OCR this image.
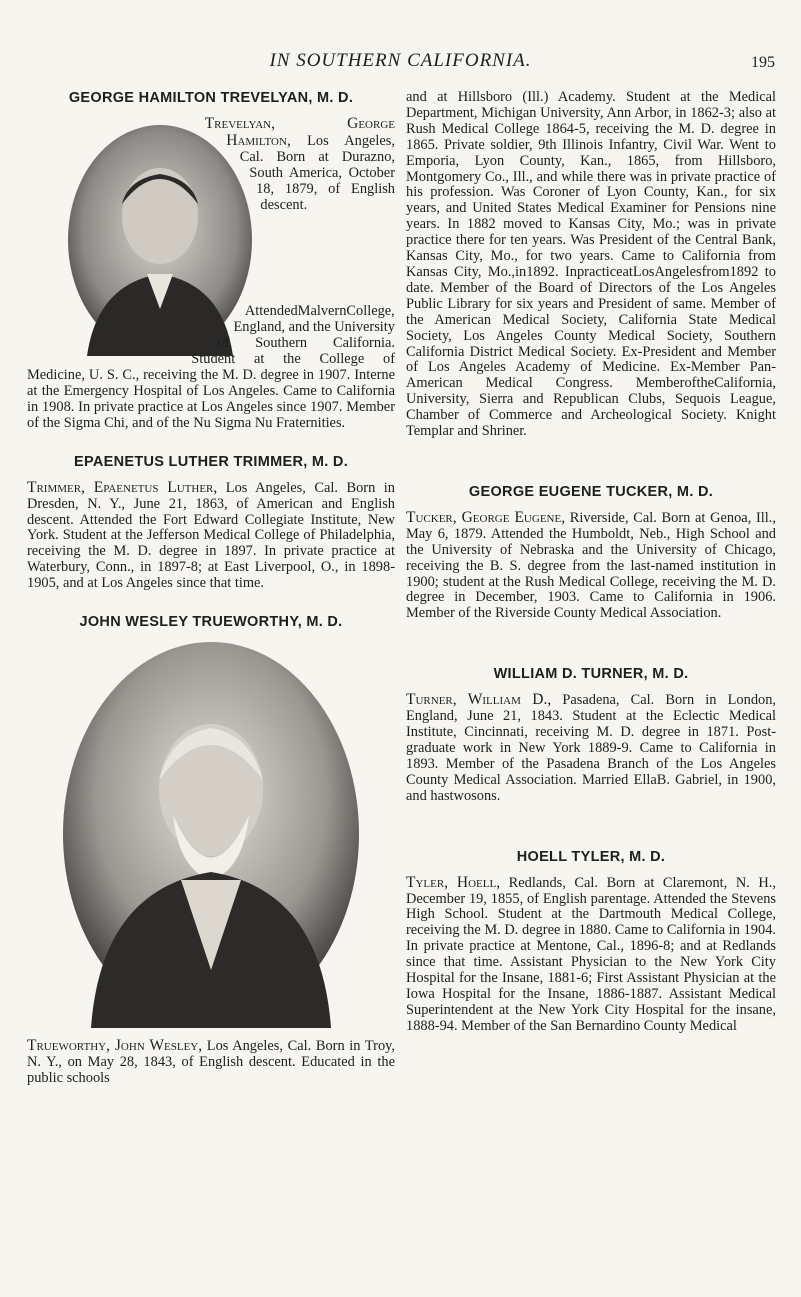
IN SOUTHERN CALIFORNIA.	195
GEORGE HAMILTON TREVELYAN, M. D.

Trevelyan, George Hamilton, Los Angeles, Cal. Born at Durazno, South America, October 18, 1879, of English descent. AttendedMalvernCollege, England, and the University of Southern California. Student at the College of Medicine, U. S. C., receiving the M. D. degree in 1907. Interne at the Emergency Hospital of Los Angeles. Came to California in 1908. In private practice at Los Angeles since 1907. Member of the Sigma Chi, and of the Nu Sigma Nu Fraternities.

EPAENETUS LUTHER TRIMMER, M. D.

Trimmer, Epaenetus Luther, Los Angeles, Cal. Born in Dresden, N. Y., June 21, 1863, of American and English descent. Attended the Fort Edward Collegiate Institute, New York. Student at the Jefferson Medical College of Philadelphia, receiving the M. D. degree in 1897. In private practice at Waterbury, Conn., in 1897-8; at East Liverpool, O., in 1898-1905, and at Los Angeles since that time.

JOHN WESLEY TRUEWORTHY, M. D.

Trueworthy, John Wesley, Los Angeles, Cal. Born in Troy, N. Y., on May 28, 1843, of English descent. Educated in the public schools

and at Hillsboro (Ill.) Academy. Student at the Medical Department, Michigan University, Ann Arbor, in 1862-3; also at Rush Medical College 1864-5, receiving the M. D. degree in 1865. Private soldier, 9th Illinois Infantry, Civil War. Went to Emporia, Lyon County, Kan., 1865, from Hillsboro, Montgomery Co., Ill., and while there was in private practice of his profession. Was Coroner of Lyon County, Kan., for six years, and United States Medical Examiner for Pensions nine years. In 1882 moved to Kansas City, Mo.; was in private practice there for ten years. Was President of the Central Bank, Kansas City, Mo., for two years. Came to California from Kansas City, Mo.,in1892. InpracticeatLosAngelesfrom1892 to date. Member of the Board of Directors of the Los Angeles Public Library for six years and President of same. Member of the American Medical Society, California State Medical Society, Los Angeles County Medical Society, Southern California District Medical Society. Ex-President and Member of Los Angeles Academy of Medicine. Ex-Member Pan-American Medical Congress. MemberoftheCalifornia, University, Sierra and Republican Clubs, Sequois League, Chamber of Commerce and Archeological Society. Knight Templar and Shriner.

GEORGE EUGENE TUCKER, M. D.

Tucker, George Eugene, Riverside, Cal. Born at Genoa, Ill., May 6, 1879. Attended the Humboldt, Neb., High School and the University of Nebraska and the University of Chicago, receiving the B. S. degree from the last-named institution in 1900; student at the Rush Medical College, receiving the M. D. degree in December, 1903. Came to California in 1906. Member of the Riverside County Medical Association.

WILLIAM D. TURNER, M. D.

Turner, William D., Pasadena, Cal. Born in London, England, June 21, 1843. Student at the Eclectic Medical Institute, Cincinnati, receiving M. D. degree in 1871. Post-graduate work in New York 1889-9. Came to California in 1893. Member of the Pasadena Branch of the Los Angeles County Medical Association. Married EllaB. Gabriel, in 1900, and hastwosons.

HOELL TYLER, M. D.

Tyler, Hoell, Redlands, Cal. Born at Claremont, N. H., December 19, 1855, of English parentage. Attended the Stevens High School. Student at the Dartmouth Medical College, receiving the M. D. degree in 1880. Came to California in 1904. In private practice at Mentone, Cal., 1896-8; and at Redlands since that time. Assistant Physician to the New York City Hospital for the Insane, 1881-6; First Assistant Physician at the Iowa Hospital for the Insane, 1886-1887. Assistant Medical Superintendent at the New York City Hospital for the insane, 1888-94. Member of the San Bernardino County Medical
